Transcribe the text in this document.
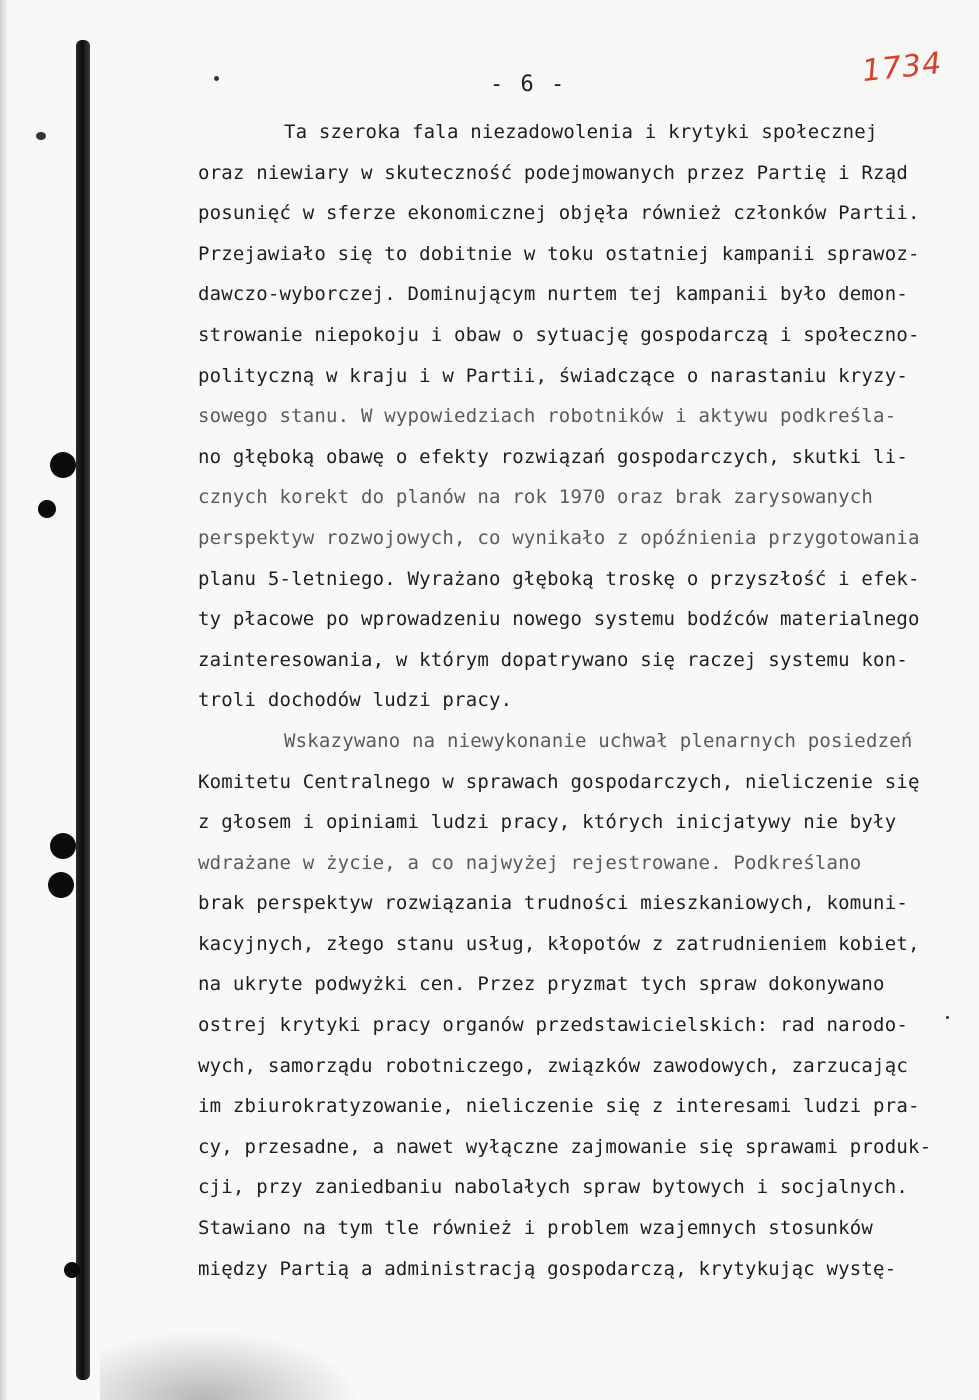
- 6 -	1734
Ta szeroka fala niezadowolenia i krytyki społecznej
oraz niewiary w skuteczność podejmowanych przez Partię i Rząd
posunięć w sferze ekonomicznej objęła również członków Partii.
Przejawiało się to dobitnie w toku ostatniej kampanii sprawoz-
dawczo-wyborczej. Dominującym nurtem tej kampanii było demon-
strowanie niepokoju i obaw o sytuację gospodarczą i społeczno-
polityczną w kraju i w Partii, świadczące o narastaniu kryzy-
sowego stanu. W wypowiedziach robotników i aktywu podkreśla-
no głęboką obawę o efekty rozwiązań gospodarczych, skutki li-
cznych korekt do planów na rok 1970 oraz brak zarysowanych
perspektyw rozwojowych, co wynikało z opóźnienia przygotowania
planu 5-letniego. Wyrażano głęboką troskę o przyszłość i efek-
ty płacowe po wprowadzeniu nowego systemu bodźców materialnego
zainteresowania, w którym dopatrywano się raczej systemu kon-
troli dochodów ludzi pracy.
Wskazywano na niewykonanie uchwał plenarnych posiedzeń
Komitetu Centralnego w sprawach gospodarczych, nieliczenie się
z głosem i opiniami ludzi pracy, których inicjatywy nie były
wdrażane w życie, a co najwyżej rejestrowane. Podkreślano
brak perspektyw rozwiązania trudności mieszkaniowych, komuni-
kacyjnych, złego stanu usług, kłopotów z zatrudnieniem kobiet,
na ukryte podwyżki cen. Przez pryzmat tych spraw dokonywano
ostrej krytyki pracy organów przedstawicielskich: rad narodo-
wych, samorządu robotniczego, związków zawodowych, zarzucając
im zbiurokratyzowanie, nieliczenie się z interesami ludzi pra-
cy, przesadne, a nawet wyłączne zajmowanie się sprawami produk-
cji, przy zaniedbaniu nabolałych spraw bytowych i socjalnych.
Stawiano na tym tle również i problem wzajemnych stosunków
między Partią a administracją gospodarczą, krytykując wystę-
